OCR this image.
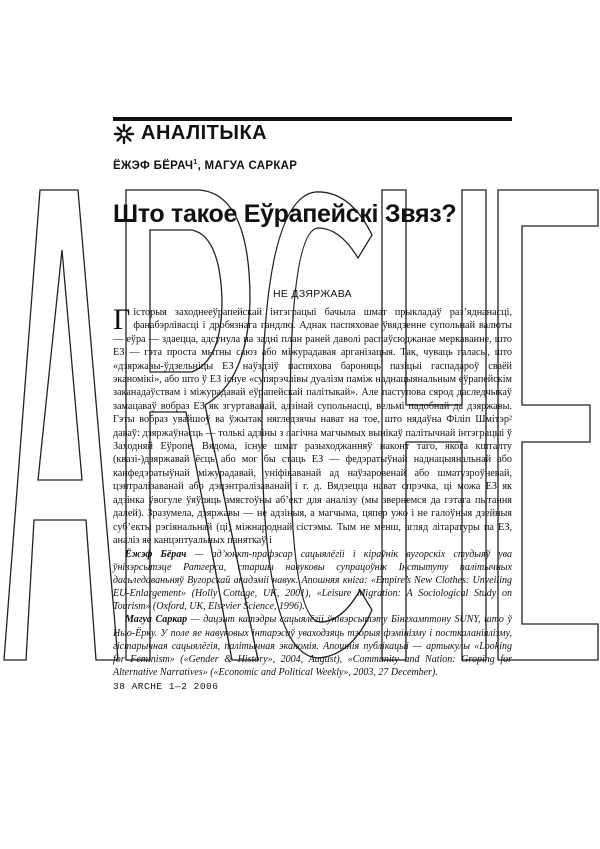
АНАЛІТЫКА
ЁЖЭФ БЁРАЧ$^1$, МАГУА САРКАР
Што такое Еўрапейскі Звяз?
НЕ ДЗЯРЖАВА
Гісторыя заходнееўрапейскай інтэграцыі бачыла шмат прыкладаў раз’яднанасці, фанабэрлівасці і дробязнага гандлю. Аднак паспяховае ўвядзенне супольнай валюты — еўра — здаецца, адсунула на задні план раней даволі распаўсюджанае меркаванне, што ЕЗ — гэта проста мытны саюз або міжурадавая арганізацыя. Так, чуваць галасы, што «дзяржавы-ўдзельніцы ЕЗ наўздзіў паспяхова бароняць пазіцыі гаспадароў сваёй эканомікі», або што ў ЕЗ існуе «супярэчлівы дуалізм паміж наднацыянальным еўрапейскім заканадаўствам і міжурадавай еўрапейскай палітыкай». Але паступова сярод даследчыкаў замацаваў вобраз ЕЗ як згуртаванай, адзінай супольнасці, вельмі падобнай да дзяржавы. Гэты вобраз увайшоў ва ўжытак нягледзячы нават на тое, што нядаўна Філіп Шмітэр² даваў: дзяржаўнасць — толькі адзіны з лагічна магчымых вынікаў палітычнай інтэграцыі ў Заходняй Еўропе. Вядома, існуе шмат разыходжанняў наконт таго, якога кшталту (квазі-)дзяржавай ёсць або мог бы стаць ЕЗ — федэратыўнай наднацыянальнай або канфедэратыўнай міжурадавай, уніфікаванай ад наўзаровенай або шматузроўневай, цэнтралізаванай або дэцэнтралізаванай і г. д. Вядзецца нават спрэчка, ці можа ЕЗ як адзінка ўвогуле ўяўляць змястоўны аб’ект для аналізу (мы звернемся да гэтага пытання далей). Зразумела, дзяржавы — не адзіныя, а магчыма, цяпер ужо і не галоўныя дзейныя суб’екты рэгіянальнай (ці) міжнароднай сістэмы. Тым не менш, агляд літаратуры па ЕЗ, аналіз яе канцэптуальных паняткаў і

Ёжэф Бёрач — ад’юнкт-прафэсар сацыялёгіі і кіраўнік вугорскіх студыяў ува ўнівэрсытэце Ратгерса, старшы навуковы супрацоўнік Інстытуту палітычных дасьледаваньняў Вугорскай акадэміі навук. Апошняя кніга: «Empire’s New Clothes: Unveiling EU-Enlargement» (Holly Cottage, UK, 2001), «Leisure Migration: A Sociological Study on Tourism» (Oxford, UK, Elsevier Science, 1996).

Магуа Саркар — дацэнт катэдры сацыялёгіі ўнівэрсытэту Бінгхамптону SUNY, штo ў Нью-Ёрку. У поле яе навуковых інтарэсаў уваходзяць тэорыя фэмінізму і посткаланіялізму, гістарычная сацыялёгія, палітычная эканомія. Апошнія публікацыі — артыкулы «Looking for Feminism» («Gender & History», 2004, August), «Community and Nation: Groping for Alternative Narratives» («Economic and Political Weekly», 2003, 27 December).

38 ARCHE 1—2 2006
